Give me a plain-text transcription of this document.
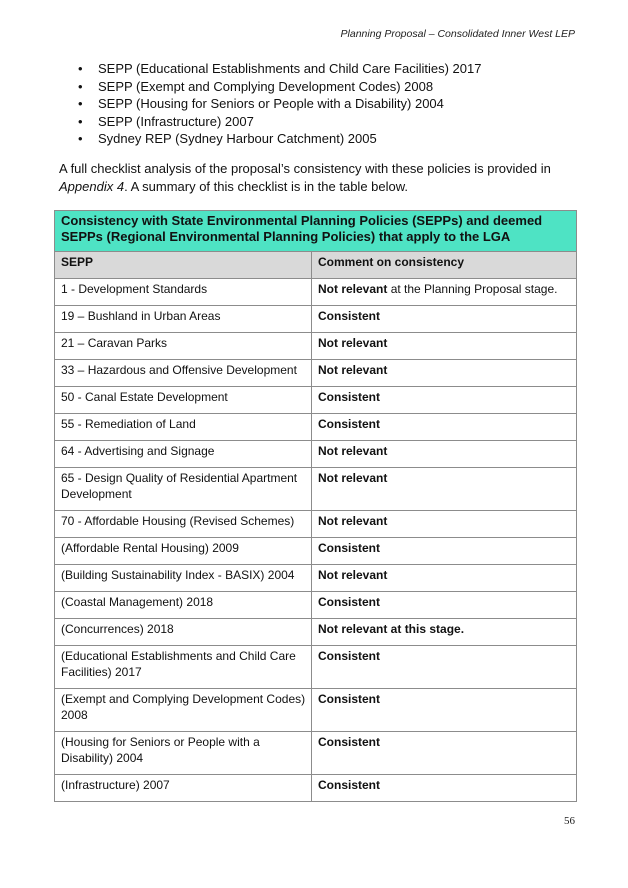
Planning Proposal – Consolidated Inner West LEP
• SEPP (Educational Establishments and Child Care Facilities) 2017
• SEPP (Exempt and Complying Development Codes) 2008
• SEPP (Housing for Seniors or People with a Disability) 2004
• SEPP (Infrastructure) 2007
• Sydney REP (Sydney Harbour Catchment) 2005

A full checklist analysis of the proposal’s consistency with these policies is provided in Appendix 4. A summary of this checklist is in the table below.

Consistency with State Environmental Planning Policies (SEPPs) and deemed SEPPs (Regional Environmental Planning Policies) that apply to the LGA	
SEPP	Comment on consistency
1 - Development Standards	Not relevant at the Planning Proposal stage.
19 – Bushland in Urban Areas	Consistent
21 – Caravan Parks	Not relevant
33 – Hazardous and Offensive Development	Not relevant
50 - Canal Estate Development	Consistent
55 - Remediation of Land	Consistent
64 - Advertising and Signage	Not relevant
65 - Design Quality of Residential Apartment Development	Not relevant
70 - Affordable Housing (Revised Schemes)	Not relevant
(Affordable Rental Housing) 2009	Consistent
(Building Sustainability Index - BASIX) 2004	Not relevant
(Coastal Management) 2018	Consistent
(Concurrences) 2018	Not relevant at this stage.
(Educational Establishments and Child Care Facilities) 2017	Consistent
(Exempt and Complying Development Codes) 2008	Consistent
(Housing for Seniors or People with a Disability) 2004	Consistent
(Infrastructure) 2007	Consistent
56
